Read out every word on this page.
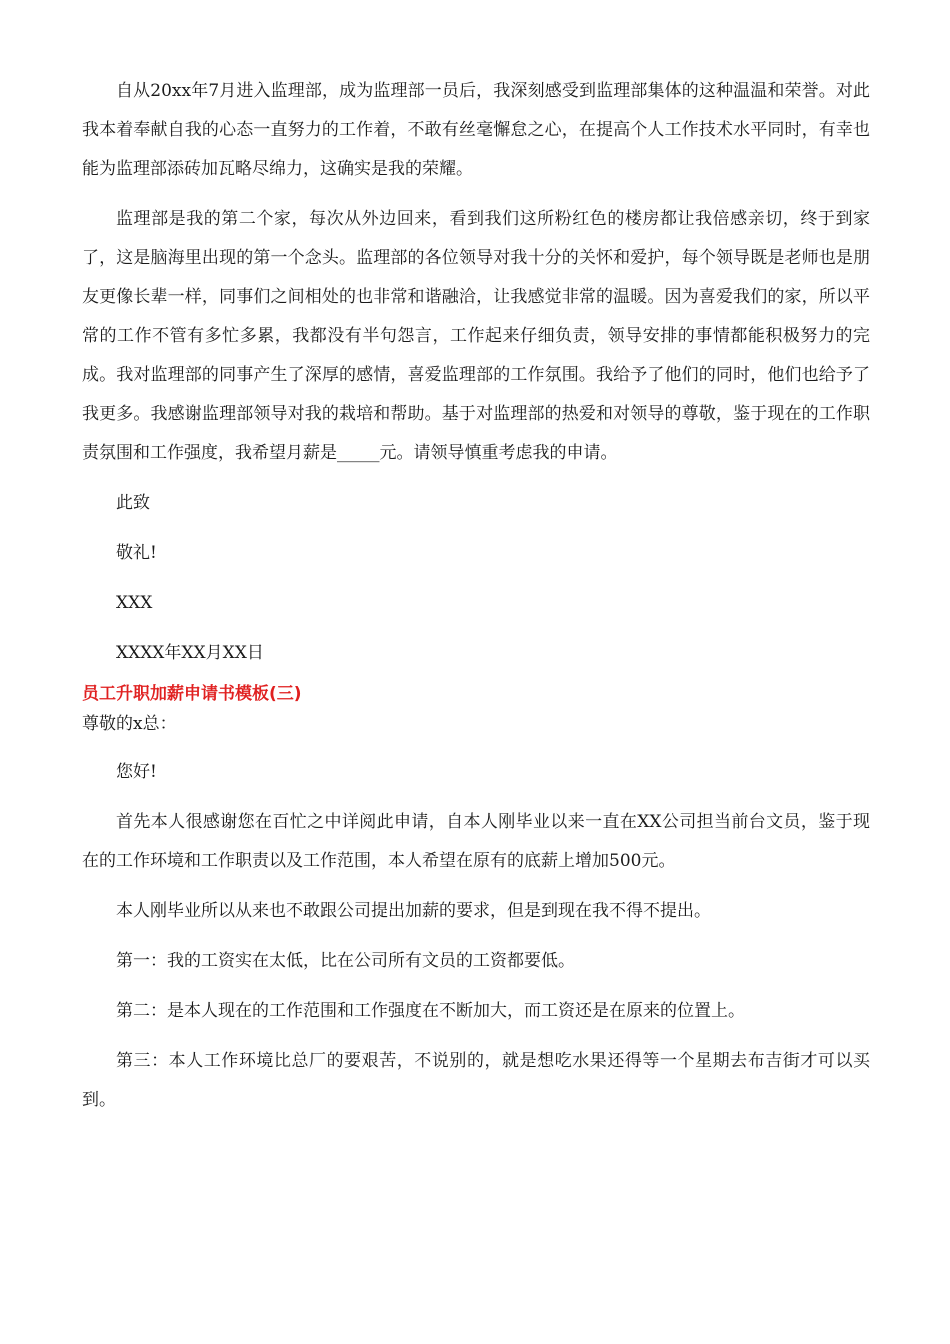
自从20xx年7月进入监理部，成为监理部一员后，我深刻感受到监理部集体的这种温温和荣誉。对此我本着奉献自我的心态一直努力的工作着，不敢有丝毫懈怠之心，在提高个人工作技术水平同时，有幸也能为监理部添砖加瓦略尽绵力，这确实是我的荣耀。

监理部是我的第二个家，每次从外边回来，看到我们这所粉红色的楼房都让我倍感亲切，终于到家了，这是脑海里出现的第一个念头。监理部的各位领导对我十分的关怀和爱护，每个领导既是老师也是朋友更像长辈一样，同事们之间相处的也非常和谐融洽，让我感觉非常的温暖。因为喜爱我们的家，所以平常的工作不管有多忙多累，我都没有半句怨言，工作起来仔细负责，领导安排的事情都能积极努力的完成。我对监理部的同事产生了深厚的感情，喜爱监理部的工作氛围。我给予了他们的同时，他们也给予了我更多。我感谢监理部领导对我的栽培和帮助。基于对监理部的热爱和对领导的尊敬，鉴于现在的工作职责氛围和工作强度，我希望月薪是_____元。请领导慎重考虑我的申请。

此致

敬礼!

XXX

XXXX年XX月XX日

员工升职加薪申请书模板(三)

尊敬的x总：

您好!

首先本人很感谢您在百忙之中详阅此申请，自本人刚毕业以来一直在XX公司担当前台文员，鉴于现在的工作环境和工作职责以及工作范围，本人希望在原有的底薪上增加500元。

本人刚毕业所以从来也不敢跟公司提出加薪的要求，但是到现在我不得不提出。

第一：我的工资实在太低，比在公司所有文员的工资都要低。

第二：是本人现在的工作范围和工作强度在不断加大，而工资还是在原来的位置上。

第三：本人工作环境比总厂的要艰苦，不说别的，就是想吃水果还得等一个星期去布吉街才可以买到。
